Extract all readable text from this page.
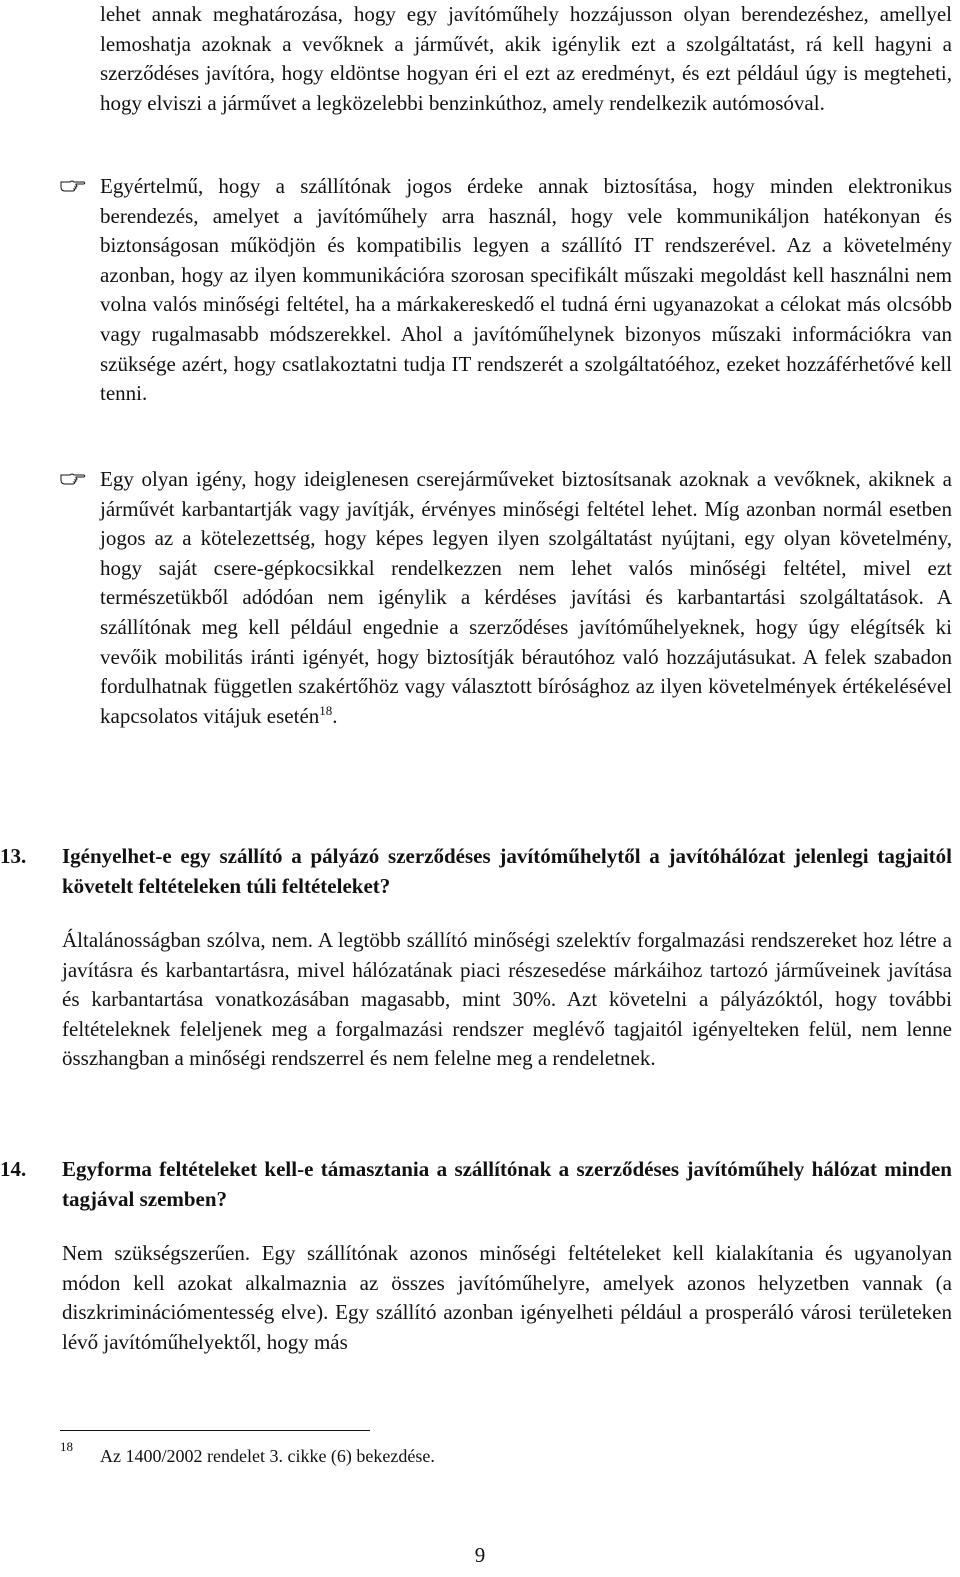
lehet annak meghatározása, hogy egy javítóműhely hozzájusson olyan berendezéshez, amellyel lemoshatja azoknak a vevőknek a járművét, akik igénylik ezt a szolgáltatást, rá kell hagyni a szerződéses javítóra, hogy eldöntse hogyan éri el ezt az eredményt, és ezt például úgy is megteheti, hogy elviszi a járművet a legközelebbi benzinkúthoz, amely rendelkezik autómosóval.

Egyértelmű, hogy a szállítónak jogos érdeke annak biztosítása, hogy minden elektronikus berendezés, amelyet a javítóműhely arra használ, hogy vele kommunikáljon hatékonyan és biztonságosan működjön és kompatibilis legyen a szállító IT rendszerével. Az a követelmény azonban, hogy az ilyen kommunikációra szorosan specifikált műszaki megoldást kell használni nem volna valós minőségi feltétel, ha a márkakereskedő el tudná érni ugyanazokat a célokat más olcsóbb vagy rugalmasabb módszerekkel. Ahol a javítóműhelynek bizonyos műszaki információkra van szüksége azért, hogy csatlakoztatni tudja IT rendszerét a szolgáltatóéhoz, ezeket hozzáférhetővé kell tenni.

Egy olyan igény, hogy ideiglenesen cserejárműveket biztosítsanak azoknak a vevőknek, akiknek a járművét karbantartják vagy javítják, érvényes minőségi feltétel lehet. Míg azonban normál esetben jogos az a kötelezettség, hogy képes legyen ilyen szolgáltatást nyújtani, egy olyan követelmény, hogy saját csere-gépkocsikkal rendelkezzen nem lehet valós minőségi feltétel, mivel ezt természetükből adódóan nem igénylik a kérdéses javítási és karbantartási szolgáltatások. A szállítónak meg kell például engednie a szerződéses javítóműhelyeknek, hogy úgy elégítsék ki vevőik mobilitás iránti igényét, hogy biztosítják bérautóhoz való hozzájutásukat. A felek szabadon fordulhatnak független szakértőhöz vagy választott bírósághoz az ilyen követelmények értékelésével kapcsolatos vitájuk esetén$^{18}$.

13. Igényelhet-e egy szállító a pályázó szerződéses javítóműhelytől a javítóhálózat jelenlegi tagjaitól követelt feltételeken túli feltételeket?

Általánosságban szólva, nem. A legtöbb szállító minőségi szelektív forgalmazási rendszereket hoz létre a javításra és karbantartásra, mivel hálózatának piaci részesedése márkáihoz tartozó járműveinek javítása és karbantartása vonatkozásában magasabb, mint 30%. Azt követelni a pályázóktól, hogy további feltételeknek feleljenek meg a forgalmazási rendszer meglévő tagjaitól igényelteken felül, nem lenne összhangban a minőségi rendszerrel és nem felelne meg a rendeletnek.

14. Egyforma feltételeket kell-e támasztania a szállítónak a szerződéses javítóműhely hálózat minden tagjával szemben?

Nem szükségszerűen. Egy szállítónak azonos minőségi feltételeket kell kialakítania és ugyanolyan módon kell azokat alkalmaznia az összes javítóműhelyre, amelyek azonos helyzetben vannak (a diszkriminációmentesség elve). Egy szállító azonban igényelheti például a prosperáló városi területeken lévő javítóműhelyektől, hogy más

18 Az 1400/2002 rendelet 3. cikke (6) bekezdése.
9
